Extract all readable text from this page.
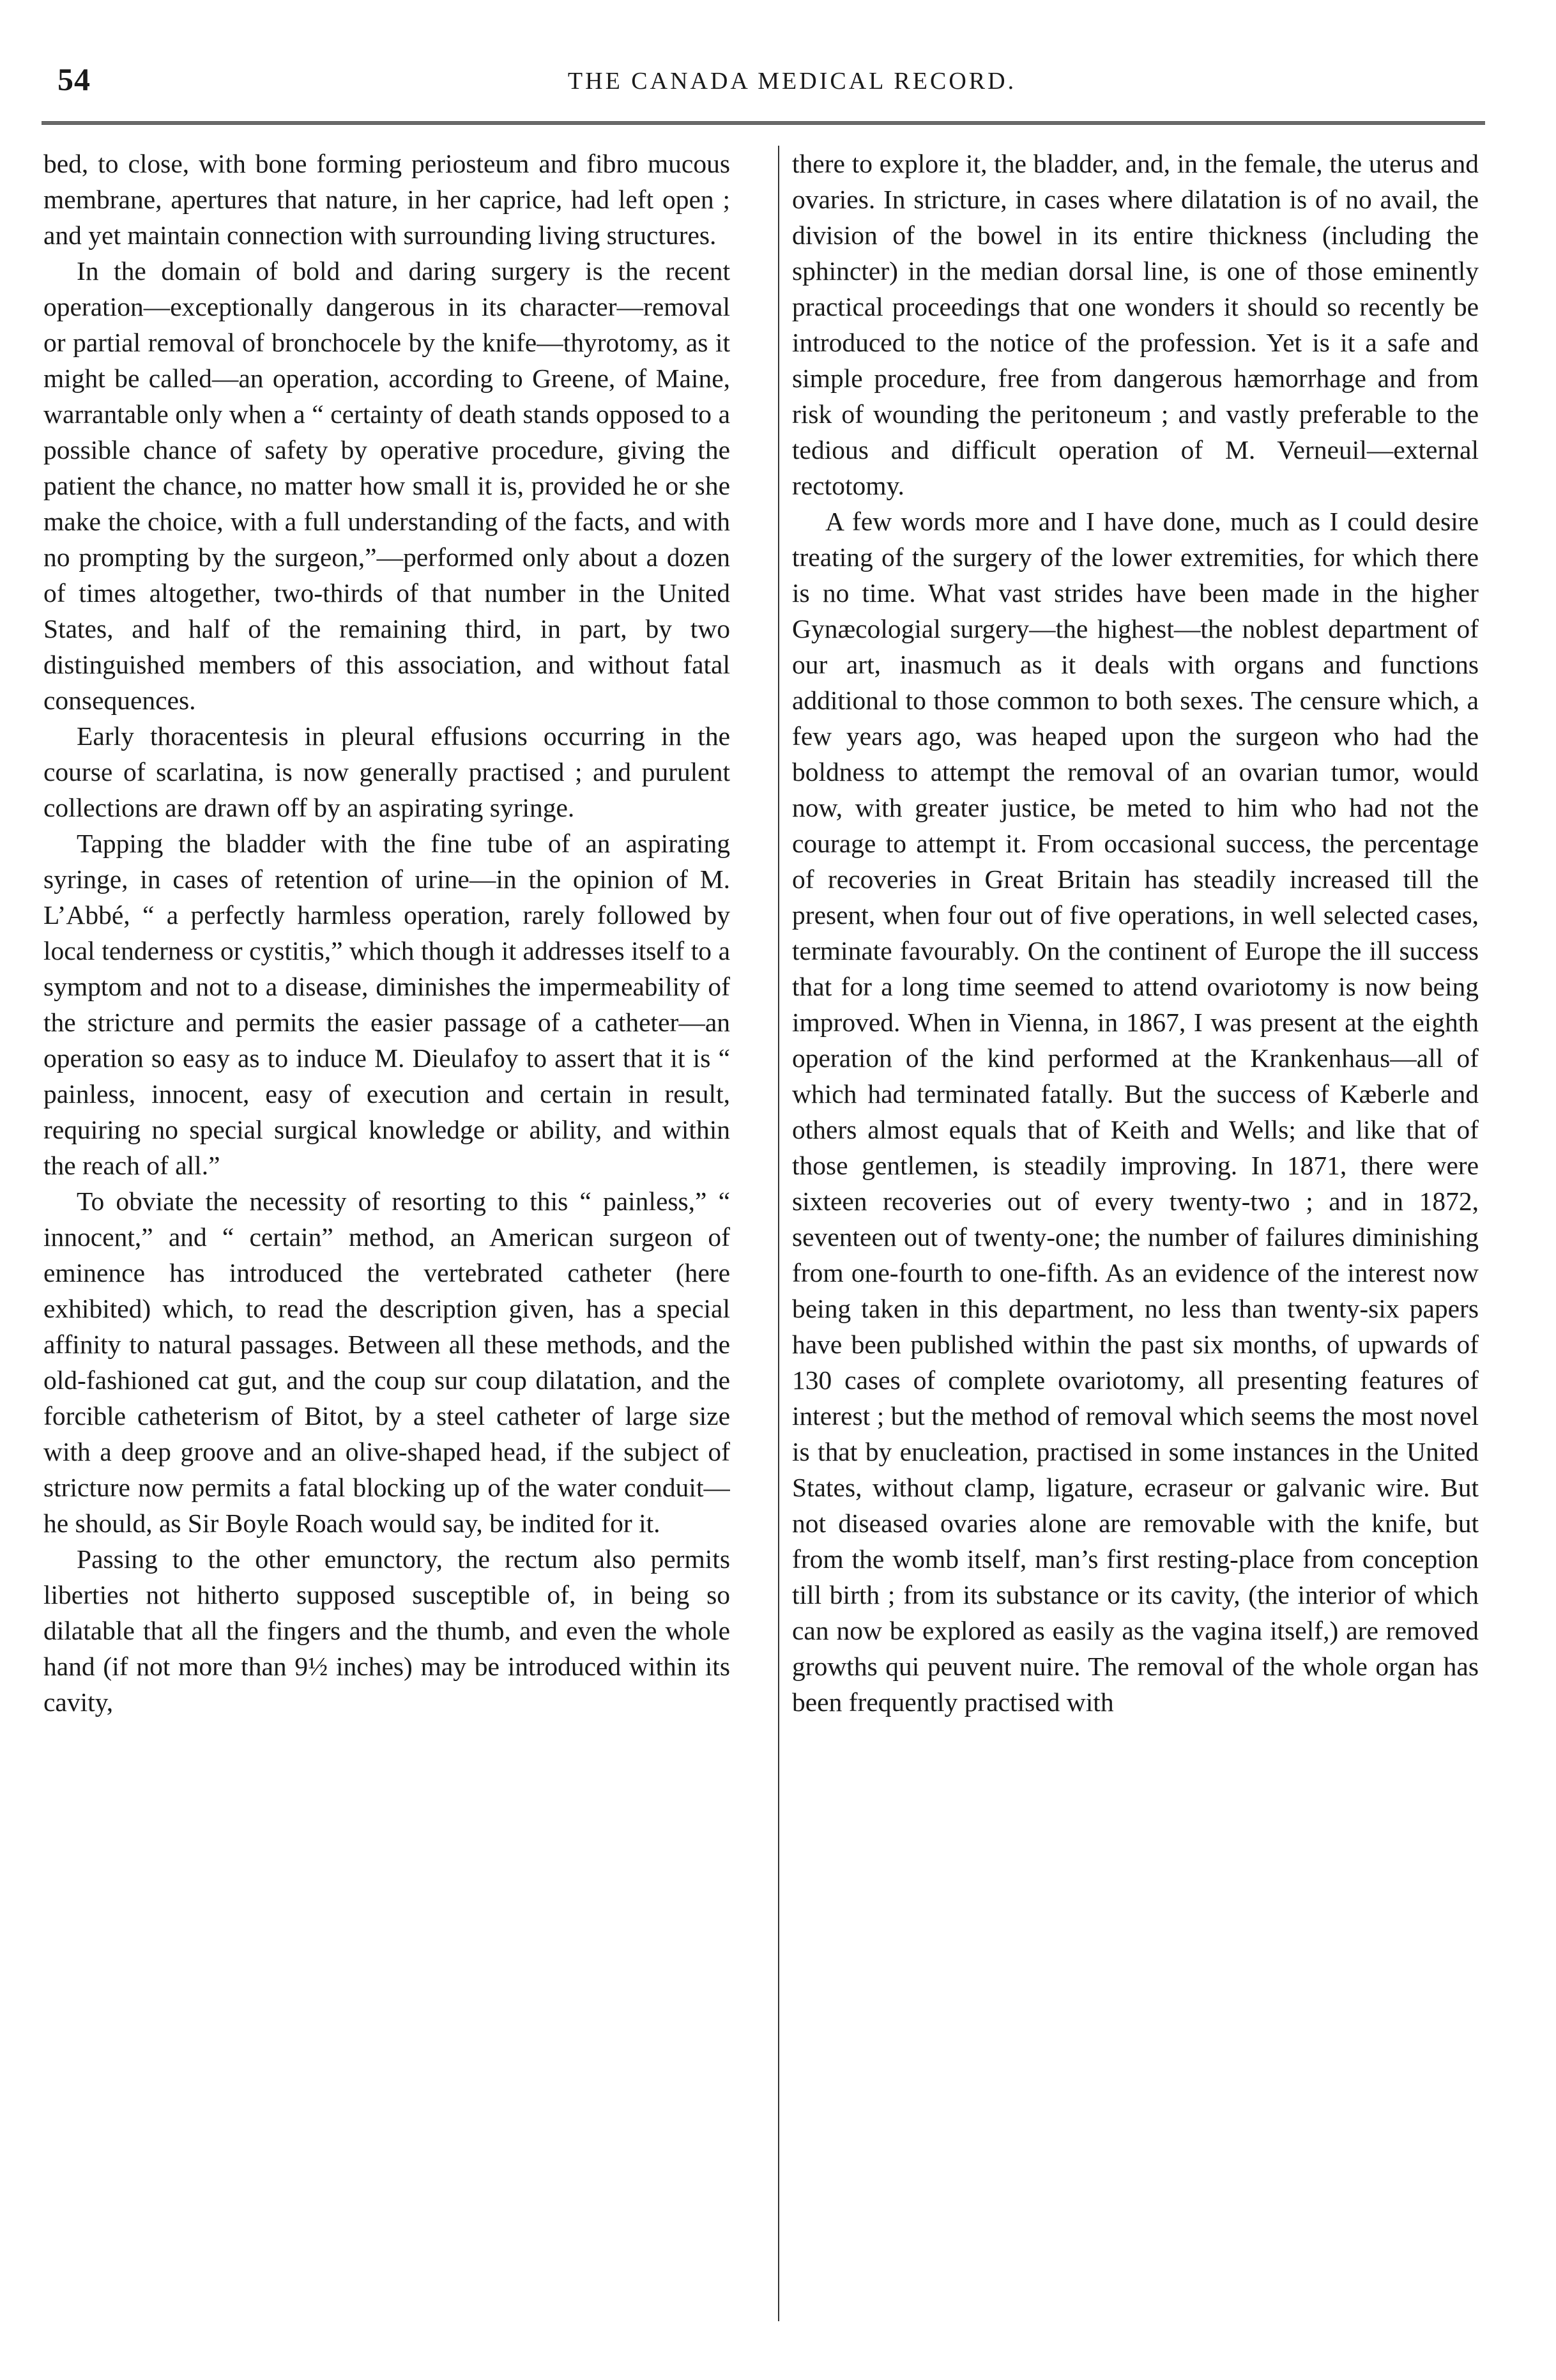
54	THE CANADA MEDICAL RECORD.

bed, to close, with bone forming periosteum and fibro mucous membrane, apertures that nature, in her caprice, had left open ; and yet maintain connection with surrounding living structures.

In the domain of bold and daring surgery is the recent operation—exceptionally dangerous in its character—removal or partial removal of bronchocele by the knife—thyrotomy, as it might be called—an operation, according to Greene, of Maine, warrantable only when a “ certainty of death stands opposed to a possible chance of safety by operative procedure, giving the patient the chance, no matter how small it is, provided he or she make the choice, with a full understanding of the facts, and with no prompting by the surgeon,”—performed only about a dozen of times altogether, two-thirds of that number in the United States, and half of the remaining third, in part, by two distinguished members of this association, and without fatal consequences.

Early thoracentesis in pleural effusions occurring in the course of scarlatina, is now generally practised ; and purulent collections are drawn off by an aspirating syringe.

Tapping the bladder with the fine tube of an aspirating syringe, in cases of retention of urine—in the opinion of M. L’Abbé, “ a perfectly harmless operation, rarely followed by local tenderness or cystitis,” which though it addresses itself to a symptom and not to a disease, diminishes the impermeability of the stricture and permits the easier passage of a catheter—an operation so easy as to induce M. Dieulafoy to assert that it is “ painless, innocent, easy of execution and certain in result, requiring no special surgical knowledge or ability, and within the reach of all.”

To obviate the necessity of resorting to this “ painless,” “ innocent,” and “ certain” method, an American surgeon of eminence has introduced the vertebrated catheter (here exhibited) which, to read the description given, has a special affinity to natural passages. Between all these methods, and the old-fashioned cat gut, and the coup sur coup dilatation, and the forcible catheterism of Bitot, by a steel catheter of large size with a deep groove and an olive-shaped head, if the subject of stricture now permits a fatal blocking up of the water conduit—he should, as Sir Boyle Roach would say, be indited for it.

Passing to the other emunctory, the rectum also permits liberties not hitherto supposed susceptible of, in being so dilatable that all the fingers and the thumb, and even the whole hand (if not more than 9½ inches) may be introduced within its cavity,

there to explore it, the bladder, and, in the female, the uterus and ovaries. In stricture, in cases where dilatation is of no avail, the division of the bowel in its entire thickness (including the sphincter) in the median dorsal line, is one of those eminently practical proceedings that one wonders it should so recently be introduced to the notice of the profession. Yet is it a safe and simple procedure, free from dangerous hæmorrhage and from risk of wounding the peritoneum ; and vastly preferable to the tedious and difficult operation of M. Verneuil—external rectotomy.

A few words more and I have done, much as I could desire treating of the surgery of the lower extremities, for which there is no time. What vast strides have been made in the higher Gynæcologial surgery—the highest—the noblest department of our art, inasmuch as it deals with organs and functions additional to those common to both sexes. The censure which, a few years ago, was heaped upon the surgeon who had the boldness to attempt the removal of an ovarian tumor, would now, with greater justice, be meted to him who had not the courage to attempt it. From occasional success, the percentage of recoveries in Great Britain has steadily increased till the present, when four out of five operations, in well selected cases, terminate favourably. On the continent of Europe the ill success that for a long time seemed to attend ovariotomy is now being improved. When in Vienna, in 1867, I was present at the eighth operation of the kind performed at the Krankenhaus—all of which had terminated fatally. But the success of Kæberle and others almost equals that of Keith and Wells; and like that of those gentlemen, is steadily improving. In 1871, there were sixteen recoveries out of every twenty-two ; and in 1872, seventeen out of twenty-one; the number of failures diminishing from one-fourth to one-fifth. As an evidence of the interest now being taken in this department, no less than twenty-six papers have been published within the past six months, of upwards of 130 cases of complete ovariotomy, all presenting features of interest ; but the method of removal which seems the most novel is that by enucleation, practised in some instances in the United States, without clamp, ligature, ecraseur or galvanic wire. But not diseased ovaries alone are removable with the knife, but from the womb itself, man’s first resting-place from conception till birth ; from its substance or its cavity, (the interior of which can now be explored as easily as the vagina itself,) are removed growths qui peuvent nuire. The removal of the whole organ has been frequently practised with
